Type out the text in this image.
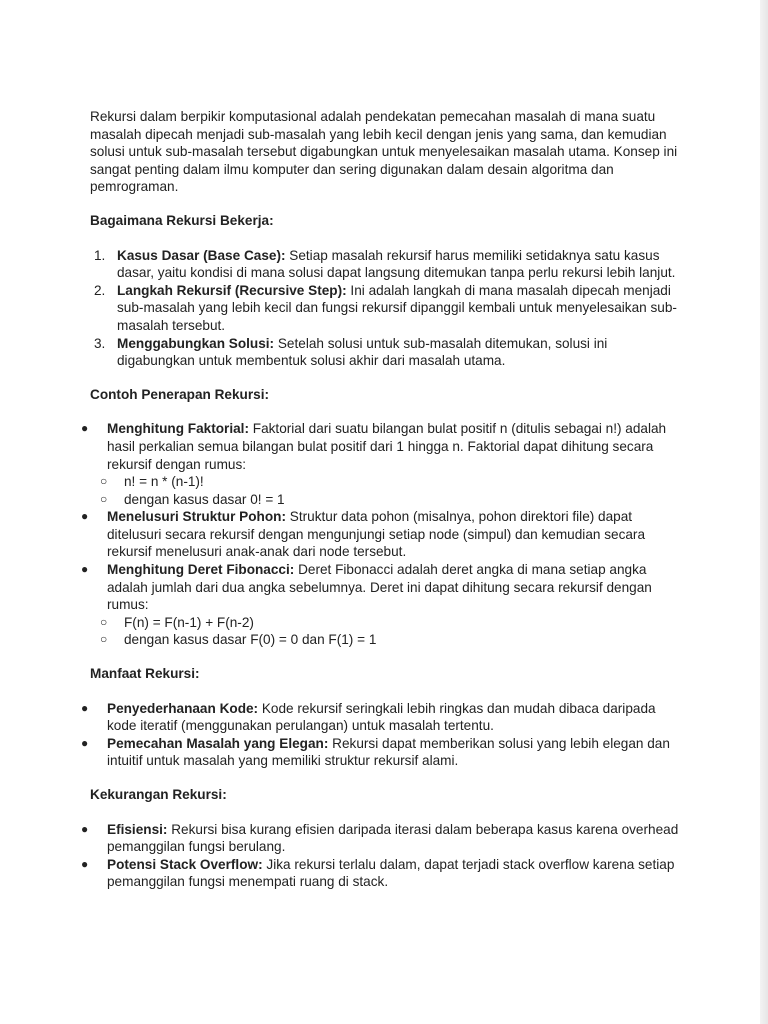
Rekursi dalam berpikir komputasional adalah pendekatan pemecahan masalah di mana suatu masalah dipecah menjadi sub-masalah yang lebih kecil dengan jenis yang sama, dan kemudian solusi untuk sub-masalah tersebut digabungkan untuk menyelesaikan masalah utama. Konsep ini sangat penting dalam ilmu komputer dan sering digunakan dalam desain algoritma dan pemrograman.

Bagaimana Rekursi Bekerja:

1. Kasus Dasar (Base Case): Setiap masalah rekursif harus memiliki setidaknya satu kasus dasar, yaitu kondisi di mana solusi dapat langsung ditemukan tanpa perlu rekursi lebih lanjut.
2. Langkah Rekursif (Recursive Step): Ini adalah langkah di mana masalah dipecah menjadi sub-masalah yang lebih kecil dan fungsi rekursif dipanggil kembali untuk menyelesaikan sub-masalah tersebut.
3. Menggabungkan Solusi: Setelah solusi untuk sub-masalah ditemukan, solusi ini digabungkan untuk membentuk solusi akhir dari masalah utama.

Contoh Penerapan Rekursi:

● Menghitung Faktorial: Faktorial dari suatu bilangan bulat positif n (ditulis sebagai n!) adalah hasil perkalian semua bilangan bulat positif dari 1 hingga n. Faktorial dapat dihitung secara rekursif dengan rumus:
○ n! = n * (n-1)!
○ dengan kasus dasar 0! = 1
● Menelusuri Struktur Pohon: Struktur data pohon (misalnya, pohon direktori file) dapat ditelusuri secara rekursif dengan mengunjungi setiap node (simpul) dan kemudian secara rekursif menelusuri anak-anak dari node tersebut.
● Menghitung Deret Fibonacci: Deret Fibonacci adalah deret angka di mana setiap angka adalah jumlah dari dua angka sebelumnya. Deret ini dapat dihitung secara rekursif dengan rumus:
○ F(n) = F(n-1) + F(n-2)
○ dengan kasus dasar F(0) = 0 dan F(1) = 1

Manfaat Rekursi:

● Penyederhanaan Kode: Kode rekursif seringkali lebih ringkas dan mudah dibaca daripada kode iteratif (menggunakan perulangan) untuk masalah tertentu.
● Pemecahan Masalah yang Elegan: Rekursi dapat memberikan solusi yang lebih elegan dan intuitif untuk masalah yang memiliki struktur rekursif alami.

Kekurangan Rekursi:

● Efisiensi: Rekursi bisa kurang efisien daripada iterasi dalam beberapa kasus karena overhead pemanggilan fungsi berulang.
● Potensi Stack Overflow: Jika rekursi terlalu dalam, dapat terjadi stack overflow karena setiap pemanggilan fungsi menempati ruang di stack.
